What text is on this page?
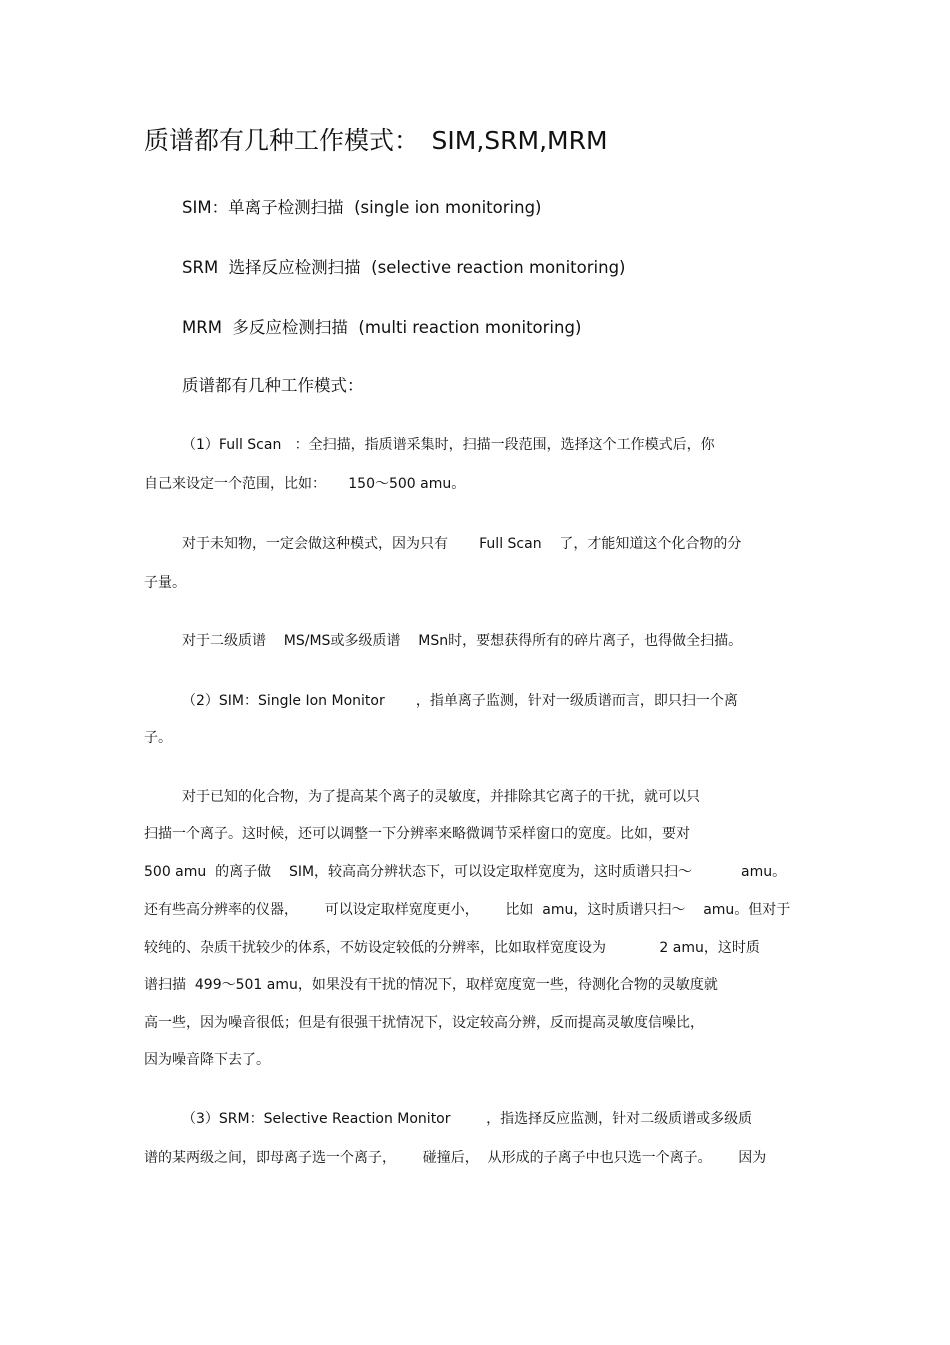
质谱都有几种工作模式：　SIM,SRM,MRM
SIM：单离子检测扫描  (single ion monitoring)
SRM  选择反应检测扫描  (selective reaction monitoring)
MRM  多反应检测扫描  (multi reaction monitoring)
质谱都有几种工作模式：
（1）Full Scan   ：全扫描，指质谱采集时，扫描一段范围，选择这个工作模式后，你
自己来设定一个范围，比如：     150～500 amu。
对于未知物，一定会做这种模式，因为只有       Full Scan    了，才能知道这个化合物的分
子量。
对于二级质谱    MS/MS或多级质谱    MSn时，要想获得所有的碎片离子，也得做全扫描。
（2）SIM：Single Ion Monitor       ，指单离子监测，针对一级质谱而言，即只扫一个离
子。
对于已知的化合物，为了提高某个离子的灵敏度，并排除其它离子的干扰，就可以只
扫描一个离子。这时候，还可以调整一下分辨率来略微调节采样窗口的宽度。比如，要对
500 amu  的离子做    SIM，较高高分辨状态下，可以设定取样宽度为，这时质谱只扫～           amu。
还有些高分辨率的仪器，      可以设定取样宽度更小，      比如  amu，这时质谱只扫～    amu。但对于
较纯的、杂质干扰较少的体系，不妨设定较低的分辨率，比如取样宽度设为            2 amu，这时质
谱扫描  499～501 amu，如果没有干扰的情况下，取样宽度宽一些，待测化合物的灵敏度就
高一些，因为噪音很低；但是有很强干扰情况下，设定较高分辨，反而提高灵敏度信噪比，
因为噪音降下去了。
（3）SRM：Selective Reaction Monitor        ，指选择反应监测，针对二级质谱或多级质
谱的某两级之间，即母离子选一个离子，      碰撞后，  从形成的子离子中也只选一个离子。      因为
